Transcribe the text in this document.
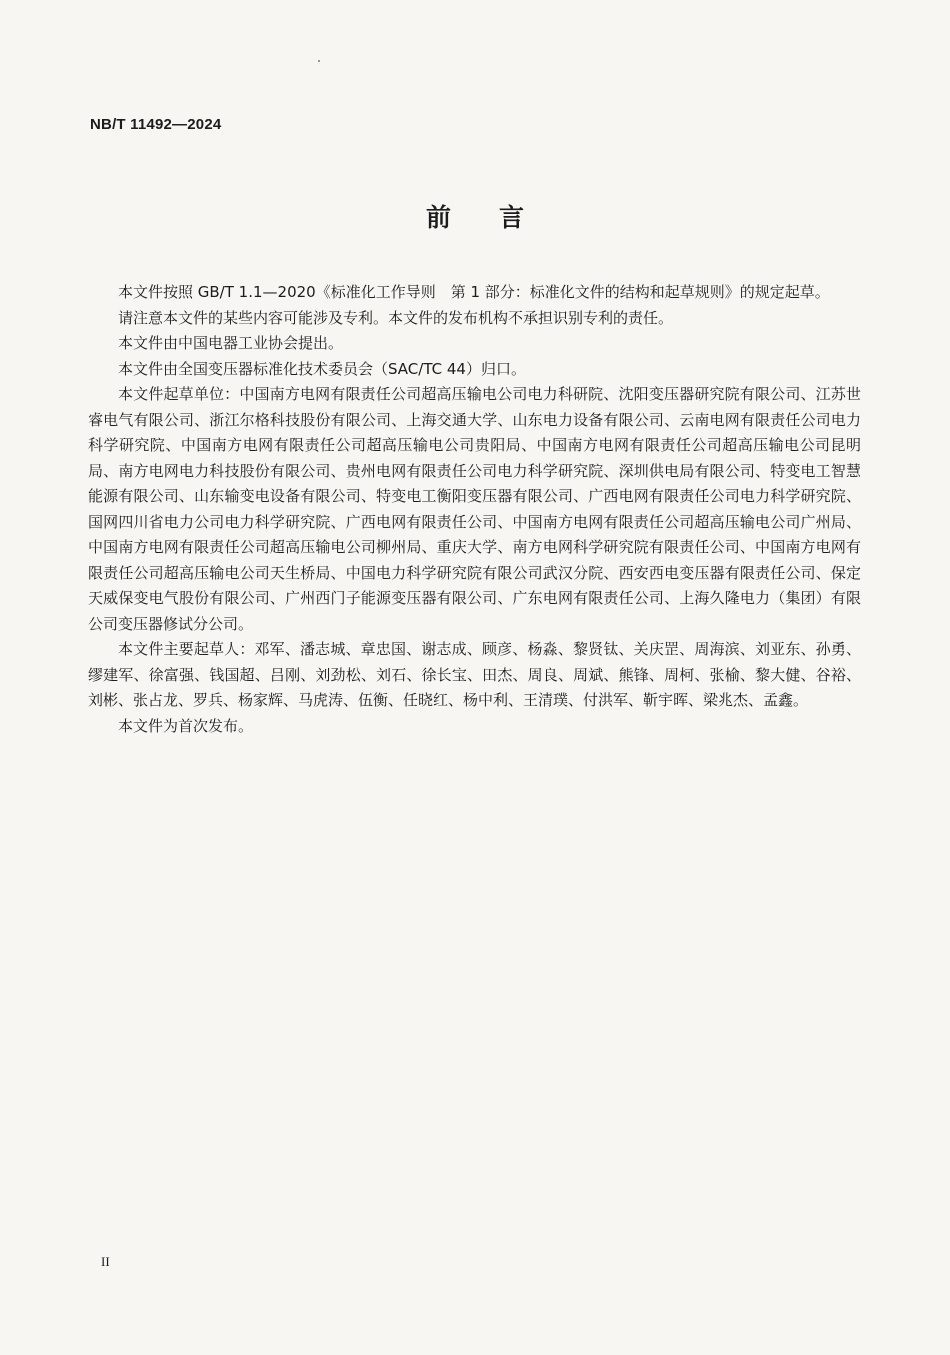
NB/T 11492—2024
前言

本文件按照 GB/T 1.1—2020《标准化工作导则　第 1 部分：标准化文件的结构和起草规则》的规定起草。

请注意本文件的某些内容可能涉及专利。本文件的发布机构不承担识别专利的责任。

本文件由中国电器工业协会提出。

本文件由全国变压器标准化技术委员会（SAC/TC 44）归口。

本文件起草单位：中国南方电网有限责任公司超高压输电公司电力科研院、沈阳变压器研究院有限公司、江苏世睿电气有限公司、浙江尔格科技股份有限公司、上海交通大学、山东电力设备有限公司、云南电网有限责任公司电力科学研究院、中国南方电网有限责任公司超高压输电公司贵阳局、中国南方电网有限责任公司超高压输电公司昆明局、南方电网电力科技股份有限公司、贵州电网有限责任公司电力科学研究院、深圳供电局有限公司、特变电工智慧能源有限公司、山东输变电设备有限公司、特变电工衡阳变压器有限公司、广西电网有限责任公司电力科学研究院、国网四川省电力公司电力科学研究院、广西电网有限责任公司、中国南方电网有限责任公司超高压输电公司广州局、中国南方电网有限责任公司超高压输电公司柳州局、重庆大学、南方电网科学研究院有限责任公司、中国南方电网有限责任公司超高压输电公司天生桥局、中国电力科学研究院有限公司武汉分院、西安西电变压器有限责任公司、保定天威保变电气股份有限公司、广州西门子能源变压器有限公司、广东电网有限责任公司、上海久隆电力（集团）有限公司变压器修试分公司。

本文件主要起草人：邓军、潘志城、章忠国、谢志成、顾彦、杨淼、黎贤钛、关庆罡、周海滨、刘亚东、孙勇、缪建军、徐富强、钱国超、吕刚、刘劲松、刘石、徐长宝、田杰、周良、周斌、熊锋、周柯、张榆、黎大健、谷裕、刘彬、张占龙、罗兵、杨家辉、马虎涛、伍衡、任晓红、杨中利、王清璞、付洪军、靳宇晖、梁兆杰、孟鑫。

本文件为首次发布。

II
